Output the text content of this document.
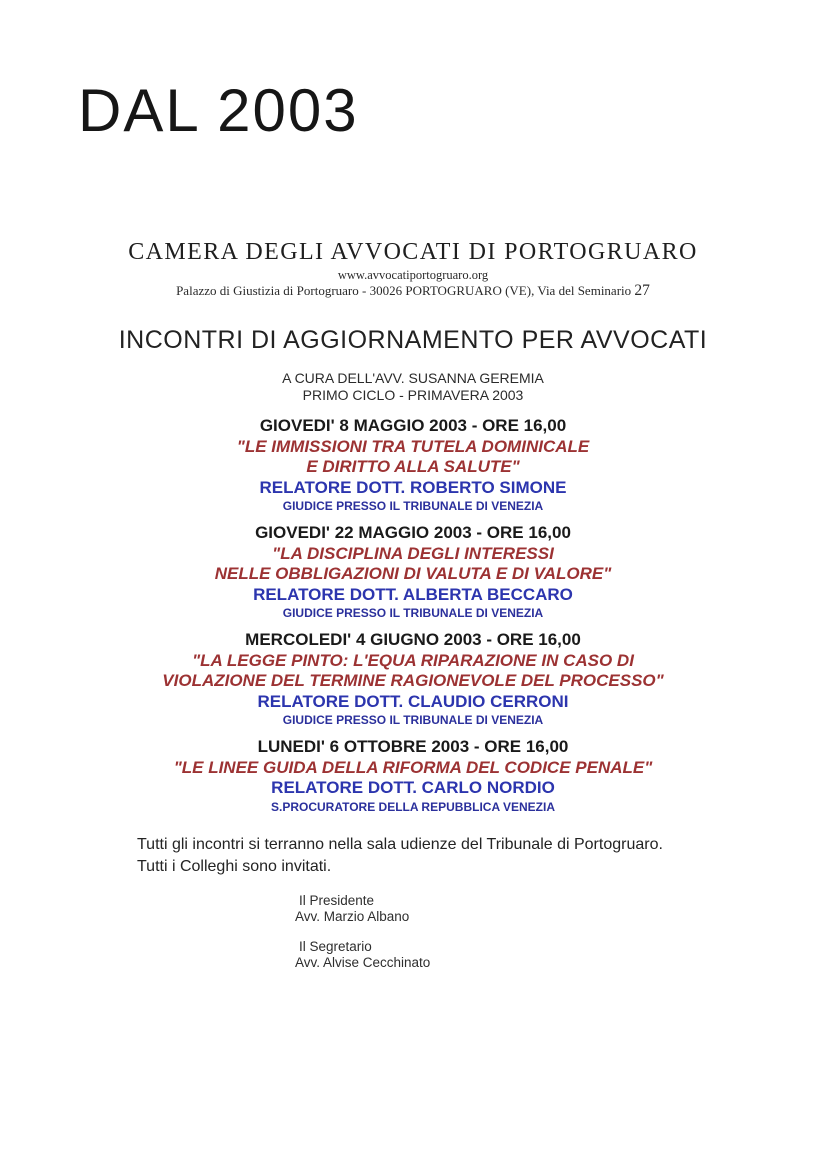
DAL 2003
CAMERA DEGLI AVVOCATI DI PORTOGRUARO
www.avvocatiportogruaro.org
Palazzo di Giustizia di Portogruaro - 30026 PORTOGRUARO (VE), Via del Seminario 27
INCONTRI DI AGGIORNAMENTO PER AVVOCATI
A CURA DELL'AVV. SUSANNA GEREMIA
PRIMO CICLO - PRIMAVERA 2003
GIOVEDI' 8 MAGGIO 2003 - ORE 16,00
"LE IMMISSIONI TRA TUTELA DOMINICALE
E DIRITTO ALLA SALUTE"
RELATORE DOTT. ROBERTO SIMONE
GIUDICE PRESSO IL TRIBUNALE DI VENEZIA
GIOVEDI' 22 MAGGIO 2003 - ORE 16,00
"LA DISCIPLINA DEGLI INTERESSI
NELLE OBBLIGAZIONI DI VALUTA E DI VALORE"
RELATORE DOTT. ALBERTA BECCARO
GIUDICE PRESSO IL TRIBUNALE DI VENEZIA
MERCOLEDI' 4 GIUGNO 2003 - ORE 16,00
"LA LEGGE PINTO: L'EQUA RIPARAZIONE IN CASO DI
VIOLAZIONE DEL TERMINE RAGIONEVOLE DEL PROCESSO"
RELATORE DOTT. CLAUDIO CERRONI
GIUDICE PRESSO IL TRIBUNALE DI VENEZIA
LUNEDI' 6 OTTOBRE 2003 - ORE 16,00
"LE LINEE GUIDA DELLA RIFORMA DEL CODICE PENALE"
RELATORE DOTT. CARLO NORDIO
S.PROCURATORE DELLA REPUBBLICA VENEZIA
Tutti gli incontri si terranno nella sala udienze del Tribunale di Portogruaro.
Tutti i Colleghi sono invitati.
Il Presidente
Avv. Marzio Albano
Il Segretario
Avv. Alvise Cecchinato
